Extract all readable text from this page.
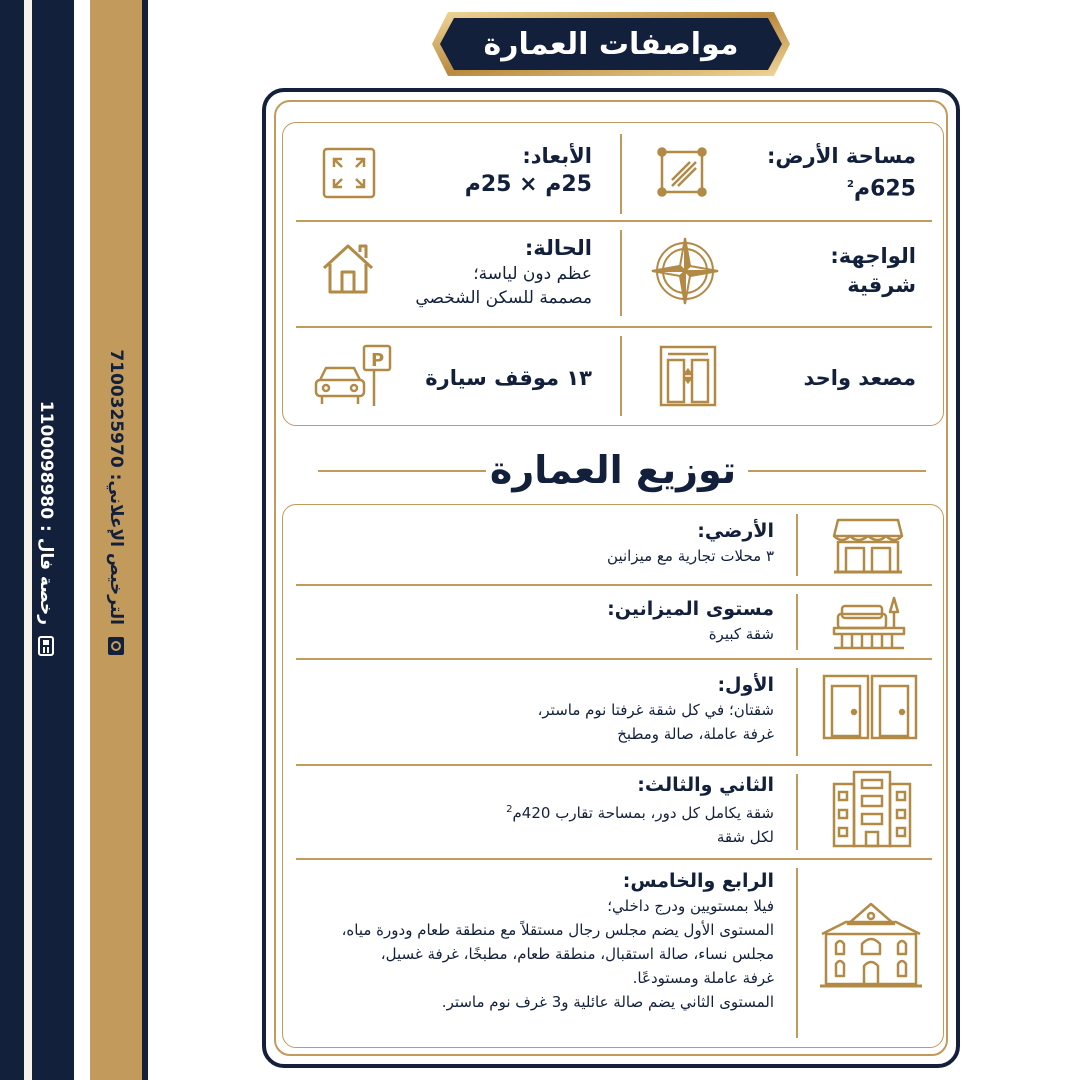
رخصة فال : 1100098980
الترخيص الإعلاني: 7100325970
مواصفات العمارة
مساحة الأرض:
625م$^2$
الأبعاد:
25م × 25م
الواجهة:
شرقية
الحالة:
عظم دون لياسة؛
مصممة للسكن الشخصي
مصعد واحد
١٣ موقف سيارة
P
توزيع العمارة
الأرضي:
٣ محلات تجارية مع ميزانين
مستوى الميزانين:
شقة كبيرة
الأول:
شقتان؛ في كل شقة غرفتا نوم ماستر،
غرفة عاملة، صالة ومطبخ
الثاني والثالث:
شقة يكامل كل دور، بمساحة تقارب 420م$^2$
لكل شقة
الرابع والخامس:
فيلا بمستويين ودرج داخلي؛
المستوى الأول يضم مجلس رجال مستقلاً مع منطقة طعام ودورة مياه،
مجلس نساء، صالة استقبال، منطقة طعام، مطبخًا، غرفة غسيل،
غرفة عاملة ومستودعًا.
المستوى الثاني يضم صالة عائلية و3 غرف نوم ماستر.
